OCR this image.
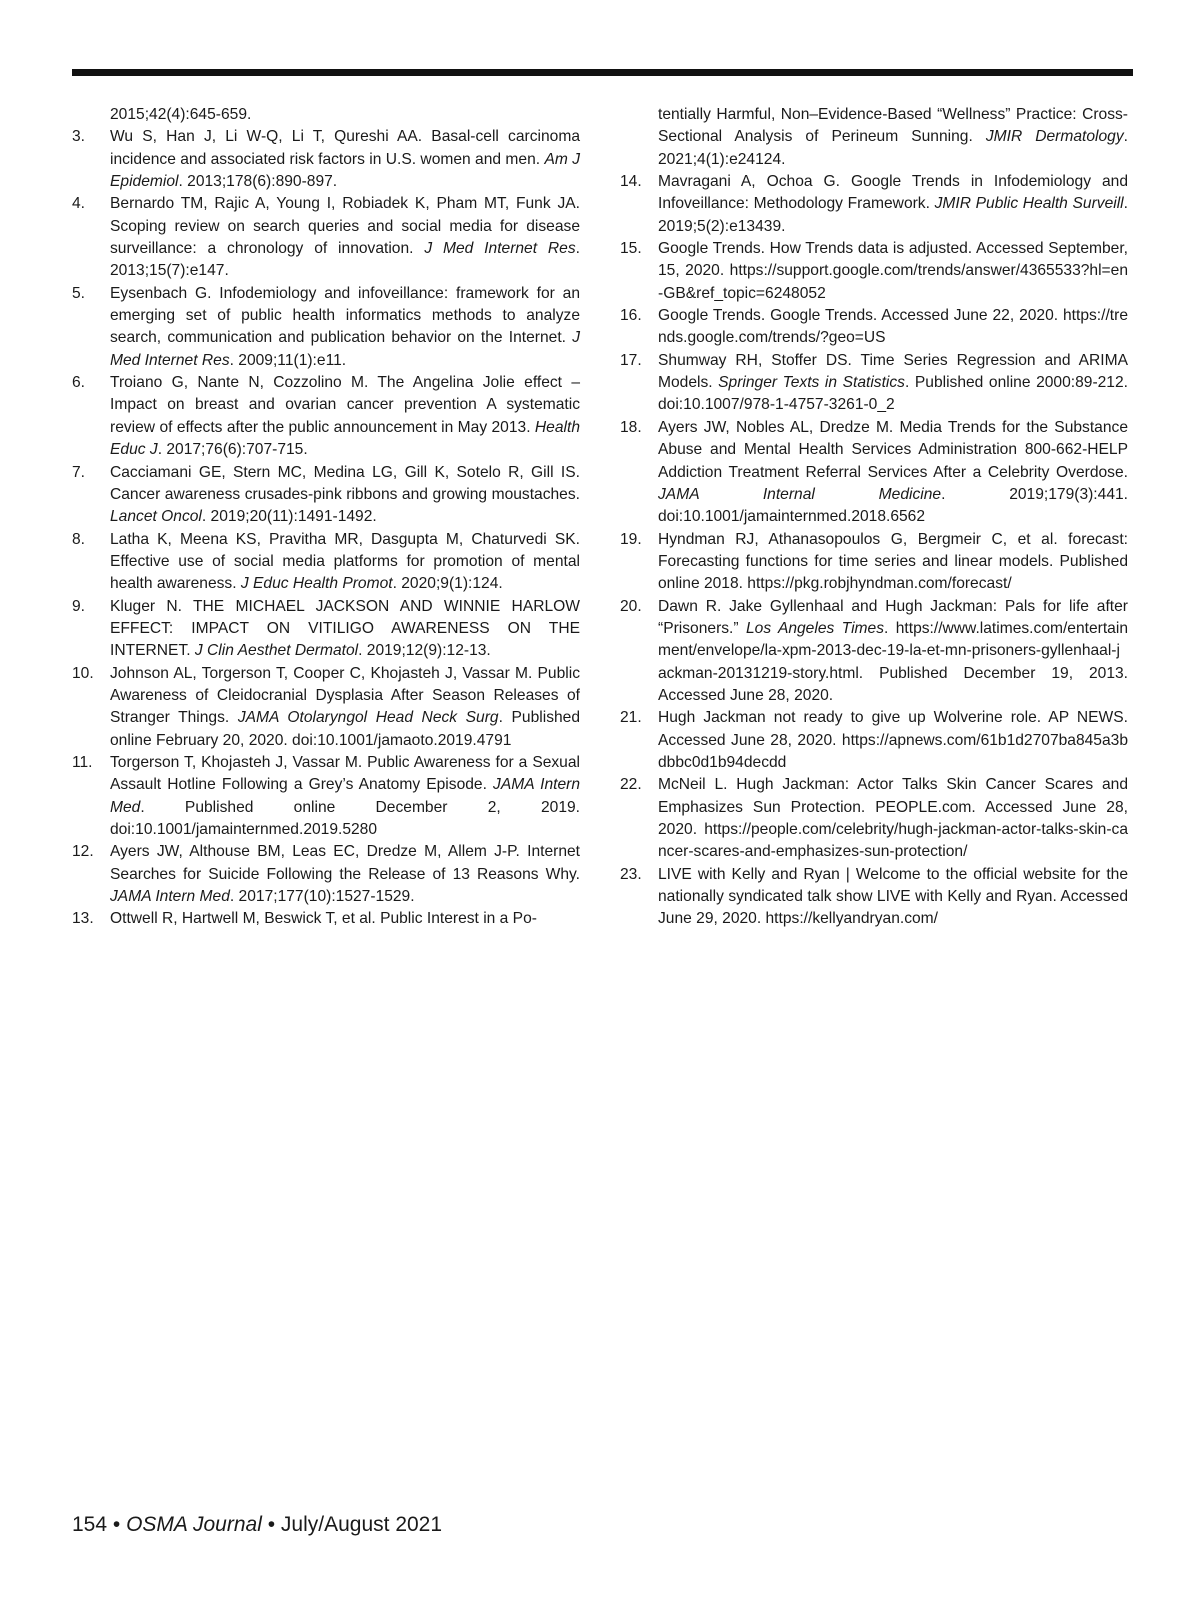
2015;42(4):645-659.
3. Wu S, Han J, Li W-Q, Li T, Qureshi AA. Basal-cell carcinoma incidence and associated risk factors in U.S. women and men. Am J Epidemiol. 2013;178(6):890-897.
4. Bernardo TM, Rajic A, Young I, Robiadek K, Pham MT, Funk JA. Scoping review on search queries and social media for disease surveillance: a chronology of innovation. J Med Internet Res. 2013;15(7):e147.
5. Eysenbach G. Infodemiology and infoveillance: framework for an emerging set of public health informatics methods to analyze search, communication and publication behavior on the Internet. J Med Internet Res. 2009;11(1):e11.
6. Troiano G, Nante N, Cozzolino M. The Angelina Jolie effect – Impact on breast and ovarian cancer prevention A systematic review of effects after the public announcement in May 2013. Health Educ J. 2017;76(6):707-715.
7. Cacciamani GE, Stern MC, Medina LG, Gill K, Sotelo R, Gill IS. Cancer awareness crusades-pink ribbons and growing moustaches. Lancet Oncol. 2019;20(11):1491-1492.
8. Latha K, Meena KS, Pravitha MR, Dasgupta M, Chaturvedi SK. Effective use of social media platforms for promotion of mental health awareness. J Educ Health Promot. 2020;9(1):124.
9. Kluger N. THE MICHAEL JACKSON AND WINNIE HARLOW EFFECT: IMPACT ON VITILIGO AWARENESS ON THE INTERNET. J Clin Aesthet Dermatol. 2019;12(9):12-13.
10. Johnson AL, Torgerson T, Cooper C, Khojasteh J, Vassar M. Public Awareness of Cleidocranial Dysplasia After Season Releases of Stranger Things. JAMA Otolaryngol Head Neck Surg. Published online February 20, 2020. doi:10.1001/jamaoto.2019.4791
11. Torgerson T, Khojasteh J, Vassar M. Public Awareness for a Sexual Assault Hotline Following a Grey’s Anatomy Episode. JAMA Intern Med. Published online December 2, 2019. doi:10.1001/jamainternmed.2019.5280
12. Ayers JW, Althouse BM, Leas EC, Dredze M, Allem J-P. Internet Searches for Suicide Following the Release of 13 Reasons Why. JAMA Intern Med. 2017;177(10):1527-1529.
13. Ottwell R, Hartwell M, Beswick T, et al. Public Interest in a Po-
tentially Harmful, Non–Evidence-Based “Wellness” Practice: Cross-Sectional Analysis of Perineum Sunning. JMIR Dermatology. 2021;4(1):e24124.
14. Mavragani A, Ochoa G. Google Trends in Infodemiology and Infoveillance: Methodology Framework. JMIR Public Health Surveill. 2019;5(2):e13439.
15. Google Trends. How Trends data is adjusted. Accessed September, 15, 2020. https://support.google.com/trends/answer/4365533?hl=en-GB&ref_topic=6248052
16. Google Trends. Google Trends. Accessed June 22, 2020. https://trends.google.com/trends/?geo=US
17. Shumway RH, Stoffer DS. Time Series Regression and ARIMA Models. Springer Texts in Statistics. Published online 2000:89-212. doi:10.1007/978-1-4757-3261-0_2
18. Ayers JW, Nobles AL, Dredze M. Media Trends for the Substance Abuse and Mental Health Services Administration 800-662-HELP Addiction Treatment Referral Services After a Celebrity Overdose. JAMA Internal Medicine. 2019;179(3):441. doi:10.1001/jamainternmed.2018.6562
19. Hyndman RJ, Athanasopoulos G, Bergmeir C, et al. forecast: Forecasting functions for time series and linear models. Published online 2018. https://pkg.robjhyndman.com/forecast/
20. Dawn R. Jake Gyllenhaal and Hugh Jackman: Pals for life after “Prisoners.” Los Angeles Times. https://www.latimes.com/entertainment/envelope/la-xpm-2013-dec-19-la-et-mn-prisoners-gyllenhaal-jackman-20131219-story.html. Published December 19, 2013. Accessed June 28, 2020.
21. Hugh Jackman not ready to give up Wolverine role. AP NEWS. Accessed June 28, 2020. https://apnews.com/61b1d2707ba845a3bdbbc0d1b94decdd
22. McNeil L. Hugh Jackman: Actor Talks Skin Cancer Scares and Emphasizes Sun Protection. PEOPLE.com. Accessed June 28, 2020. https://people.com/celebrity/hugh-jackman-actor-talks-skin-cancer-scares-and-emphasizes-sun-protection/
23. LIVE with Kelly and Ryan | Welcome to the official website for the nationally syndicated talk show LIVE with Kelly and Ryan. Accessed June 29, 2020. https://kellyandryan.com/
154 • OSMA Journal • July/August 2021
